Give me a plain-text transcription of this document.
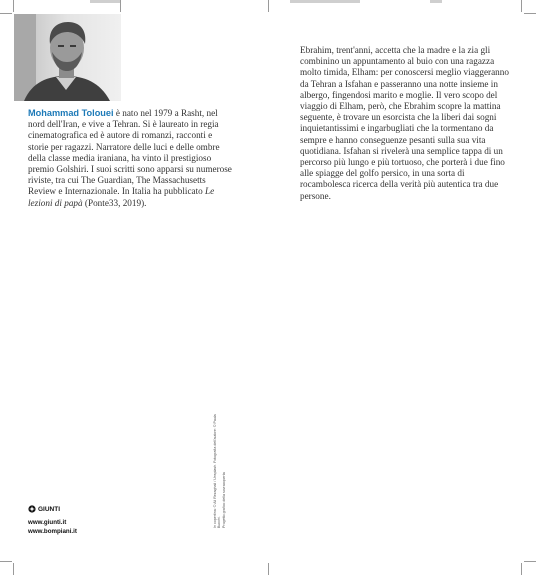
Mohammad Tolouei è nato nel 1979 a Rasht, nel nord dell'Iran, e vive a Tehran. Si è laureato in regia cinematografica ed è autore di romanzi, racconti e storie per ragazzi. Narratore delle luci e delle ombre della classe media iraniana, ha vinto il prestigioso premio Golshiri. I suoi scritti sono apparsi su numerose riviste, tra cui The Guardian, The Massachusetts Review e Internazionale. In Italia ha pubblicato Le lezioni di papà (Ponte33, 2019).

Ebrahim, trent'anni, accetta che la madre e la zia gli combinino un appuntamento al buio con una ragazza molto timida, Elham: per conoscersi meglio viaggeranno da Tehran a Isfahan e passeranno una notte insieme in albergo, fingendosi marito e moglie. Il vero scopo del viaggio di Elham, però, che Ebrahim scopre la mattina seguente, è trovare un esorcista che la liberi dai sogni inquietantissimi e ingarbugliati che la tormentano da sempre e hanno conseguenze pesanti sulla sua vita quotidiana. Isfahan si rivelerà una semplice tappa di un percorso più lungo e più tortuoso, che porterà i due fino alle spiagge del golfo persico, in una sorta di rocambolesca ricerca della verità più autentica tra due persone.

In copertina: © Ali Rezaghali / Unsplash. Fotografia dell'autore: © Paula Bucchi. Progetto grafico della sovracoperta
GIUNTI
www.giunti.it
www.bompiani.it
